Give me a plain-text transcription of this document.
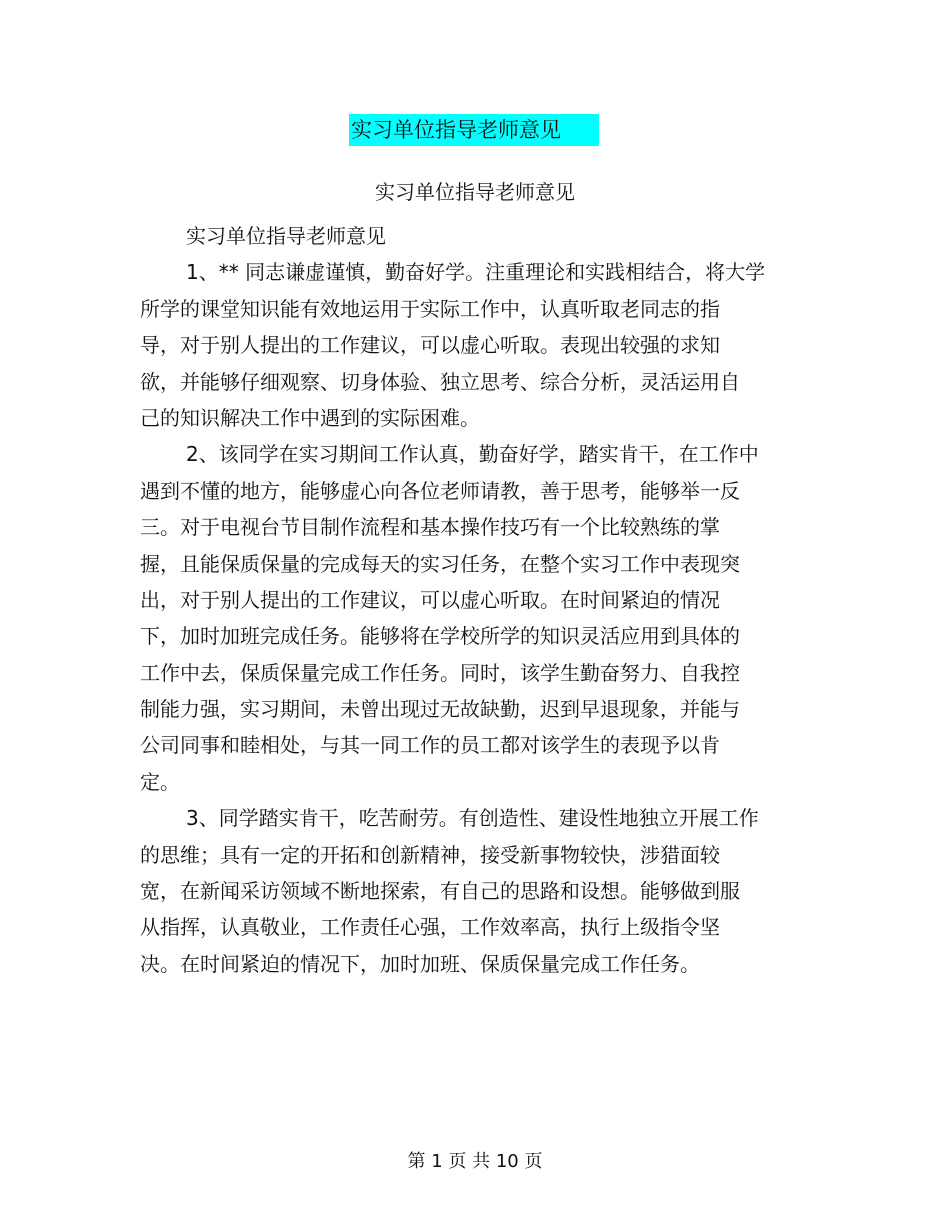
实习单位指导老师意见
实习单位指导老师意见
实习单位指导老师意见
1、** 同志谦虚谨慎，勤奋好学。注重理论和实践相结合，将大学
所学的课堂知识能有效地运用于实际工作中，认真听取老同志的指
导，对于别人提出的工作建议，可以虚心听取。表现出较强的求知
欲，并能够仔细观察、切身体验、独立思考、综合分析，灵活运用自
己的知识解决工作中遇到的实际困难。
2、该同学在实习期间工作认真，勤奋好学，踏实肯干，在工作中
遇到不懂的地方，能够虚心向各位老师请教，善于思考，能够举一反
三。对于电视台节目制作流程和基本操作技巧有一个比较熟练的掌
握，且能保质保量的完成每天的实习任务，在整个实习工作中表现突
出，对于别人提出的工作建议，可以虚心听取。在时间紧迫的情况
下，加时加班完成任务。能够将在学校所学的知识灵活应用到具体的
工作中去，保质保量完成工作任务。同时，该学生勤奋努力、自我控
制能力强，实习期间，未曾出现过无故缺勤，迟到早退现象，并能与
公司同事和睦相处，与其一同工作的员工都对该学生的表现予以肯
定。
3、同学踏实肯干，吃苦耐劳。有创造性、建设性地独立开展工作
的思维；具有一定的开拓和创新精神，接受新事物较快，涉猎面较
宽，在新闻采访领域不断地探索，有自己的思路和设想。能够做到服
从指挥，认真敬业，工作责任心强，工作效率高，执行上级指令坚
决。在时间紧迫的情况下，加时加班、保质保量完成工作任务。
第 1 页 共 10 页
